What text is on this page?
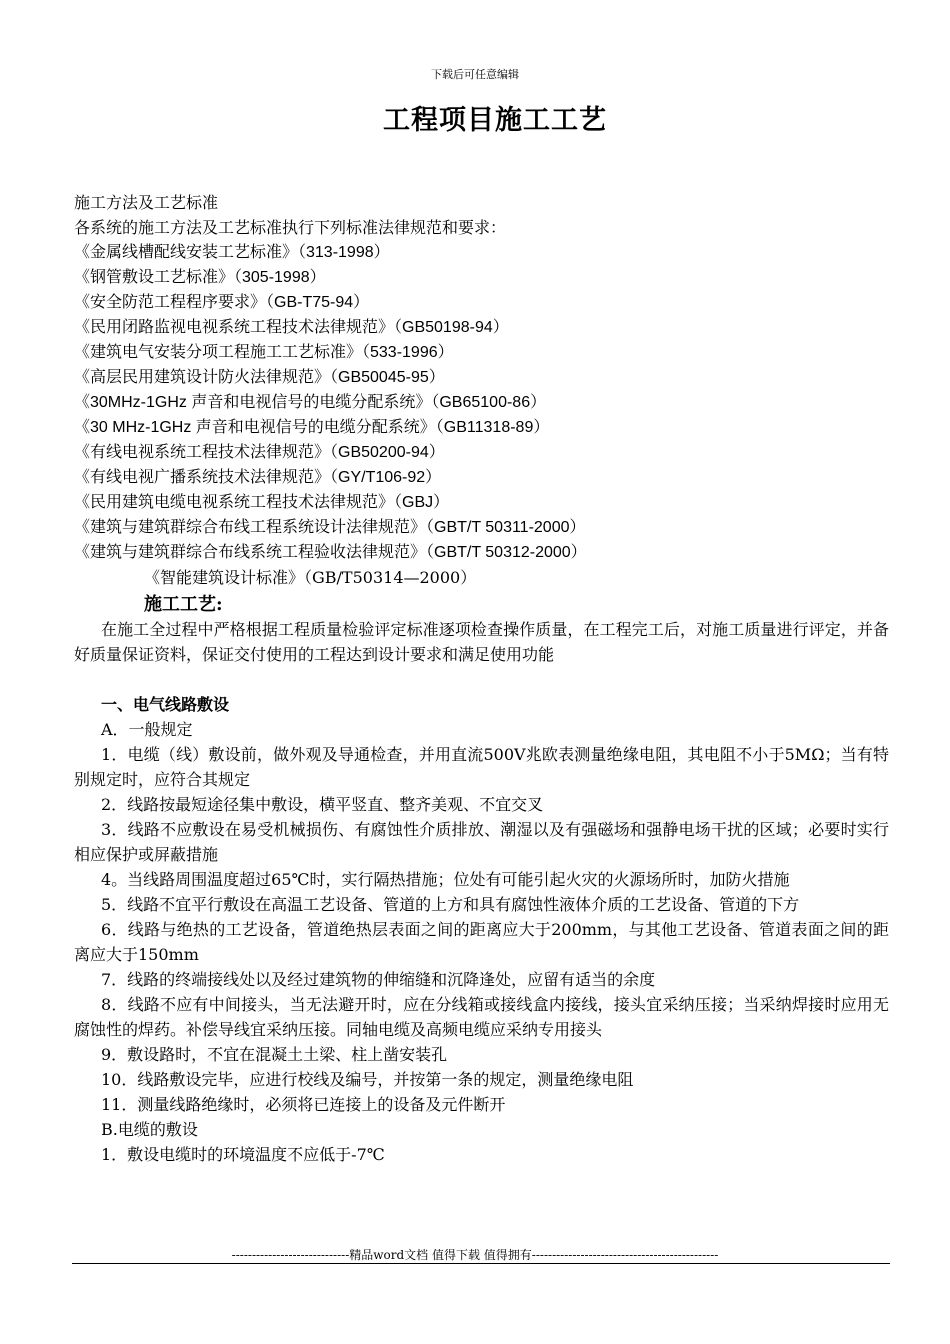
下载后可任意编辑
工程项目施工工艺
施工方法及工艺标准
各系统的施工方法及工艺标准执行下列标准法律规范和要求：
《金属线槽配线安装工艺标准》（313-1998）
《钢管敷设工艺标准》（305-1998）
《安全防范工程程序要求》（GB-T75-94）
《民用闭路监视电视系统工程技术法律规范》（GB50198-94）
《建筑电气安装分项工程施工工艺标准》（533-1996）
《高层民用建筑设计防火法律规范》（GB50045-95）
《30MHz-1GHz 声音和电视信号的电缆分配系统》（GB65100-86）
《30 MHz-1GHz 声音和电视信号的电缆分配系统》（GB11318-89）
《有线电视系统工程技术法律规范》（GB50200-94）
《有线电视广播系统技术法律规范》（GY/T106-92）
《民用建筑电缆电视系统工程技术法律规范》（GBJ）
《建筑与建筑群综合布线工程系统设计法律规范》（GBT/T 50311-2000）
《建筑与建筑群综合布线系统工程验收法律规范》（GBT/T 50312-2000）
《智能建筑设计标准》（GB/T50314—2000）
施工工艺:
在施工全过程中严格根据工程质量检验评定标准逐项检查操作质量，在工程完工后，对施工质量进行评定，并备好质量保证资料，保证交付使用的工程达到设计要求和满足使用功能
一、电气线路敷设
A．一般规定
1．电缆（线）敷设前，做外观及导通检查，并用直流500V兆欧表测量绝缘电阻，其电阻不小于5MΩ；当有特别规定时，应符合其规定
2．线路按最短途径集中敷设，横平竖直、整齐美观、不宜交叉
3．线路不应敷设在易受机械损伤、有腐蚀性介质排放、潮湿以及有强磁场和强静电场干扰的区域；必要时实行相应保护或屏蔽措施
4。当线路周围温度超过65℃时，实行隔热措施；位处有可能引起火灾的火源场所时，加防火措施
5．线路不宜平行敷设在高温工艺设备、管道的上方和具有腐蚀性液体介质的工艺设备、管道的下方
6．线路与绝热的工艺设备，管道绝热层表面之间的距离应大于200mm，与其他工艺设备、管道表面之间的距离应大于150mm
7．线路的终端接线处以及经过建筑物的伸缩缝和沉降逢处，应留有适当的余度
8．线路不应有中间接头，当无法避开时，应在分线箱或接线盒内接线，接头宜采纳压接；当采纳焊接时应用无腐蚀性的焊药。补偿导线宜采纳压接。同轴电缆及高频电缆应采纳专用接头
9．敷设路时，不宜在混凝土土梁、柱上凿安装孔
10．线路敷设完毕，应进行校线及编号，并按第一条的规定，测量绝缘电阻
11．测量线路绝缘时，必须将已连接上的设备及元件断开
B.电缆的敷设
1．敷设电缆时的环境温度不应低于-7℃
-----------------------------精品word文档 值得下载 值得拥有----------------------------------------------
